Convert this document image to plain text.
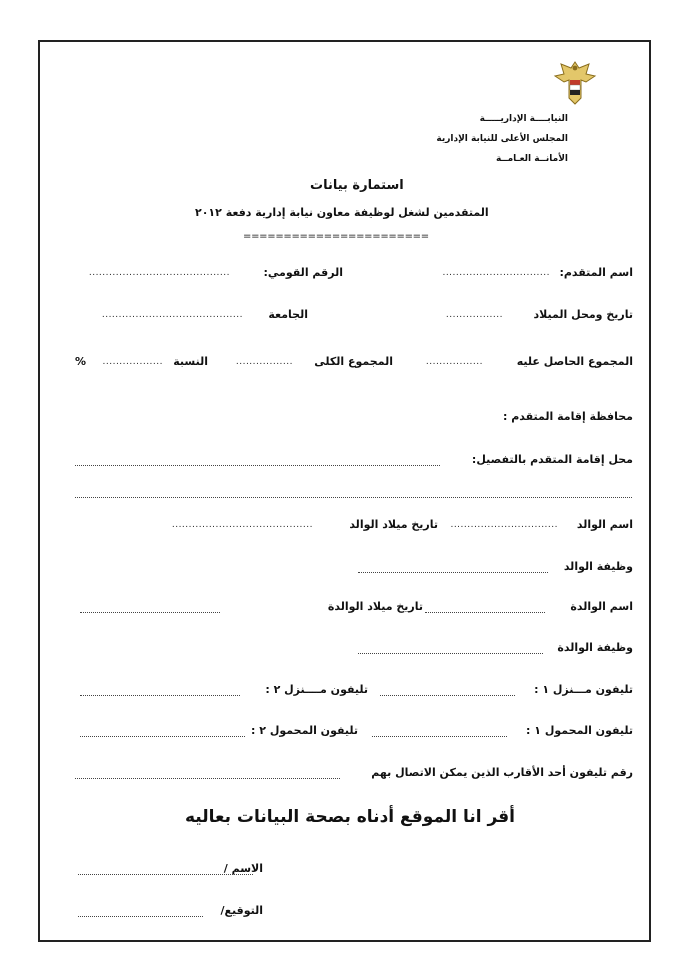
النيابــــة الإداريـــــة
المجلس الأعلى للنيابة الإدارية
الأمانــة العـامــة
استمارة بيانات
المتقدمين لشغل لوظيفة معاون نيابة إدارية دفعة ٢٠١٢
=======================
اسم المتقدم:
................................
الرقم القومي:
..........................................
تاريخ ومحل الميلاد
.................
الجامعة
..........................................
المجموع الحاصل عليه
.................
المجموع الكلى
.................
النسبة
..................
%
محافظة إقامة المتقدم :
محل إقامة المتقدم بالتفصيل:
اسم الوالد
................................
تاريخ ميلاد الوالد
..........................................
وظيفة الوالد
اسم الوالدة
تاريخ ميلاد الوالدة
وظيفة الوالدة
تليفون مـــنزل ١ :
تليفون مــــنزل ٢ :
تليفون المحمول ١ :
تليفون المحمول ٢ :
رقم تليفون أحد الأقارب الذين يمكن الاتصال بهم
أقر انا الموقع أدناه بصحة البيانات بعاليه
الاسم /
التوقيع/
